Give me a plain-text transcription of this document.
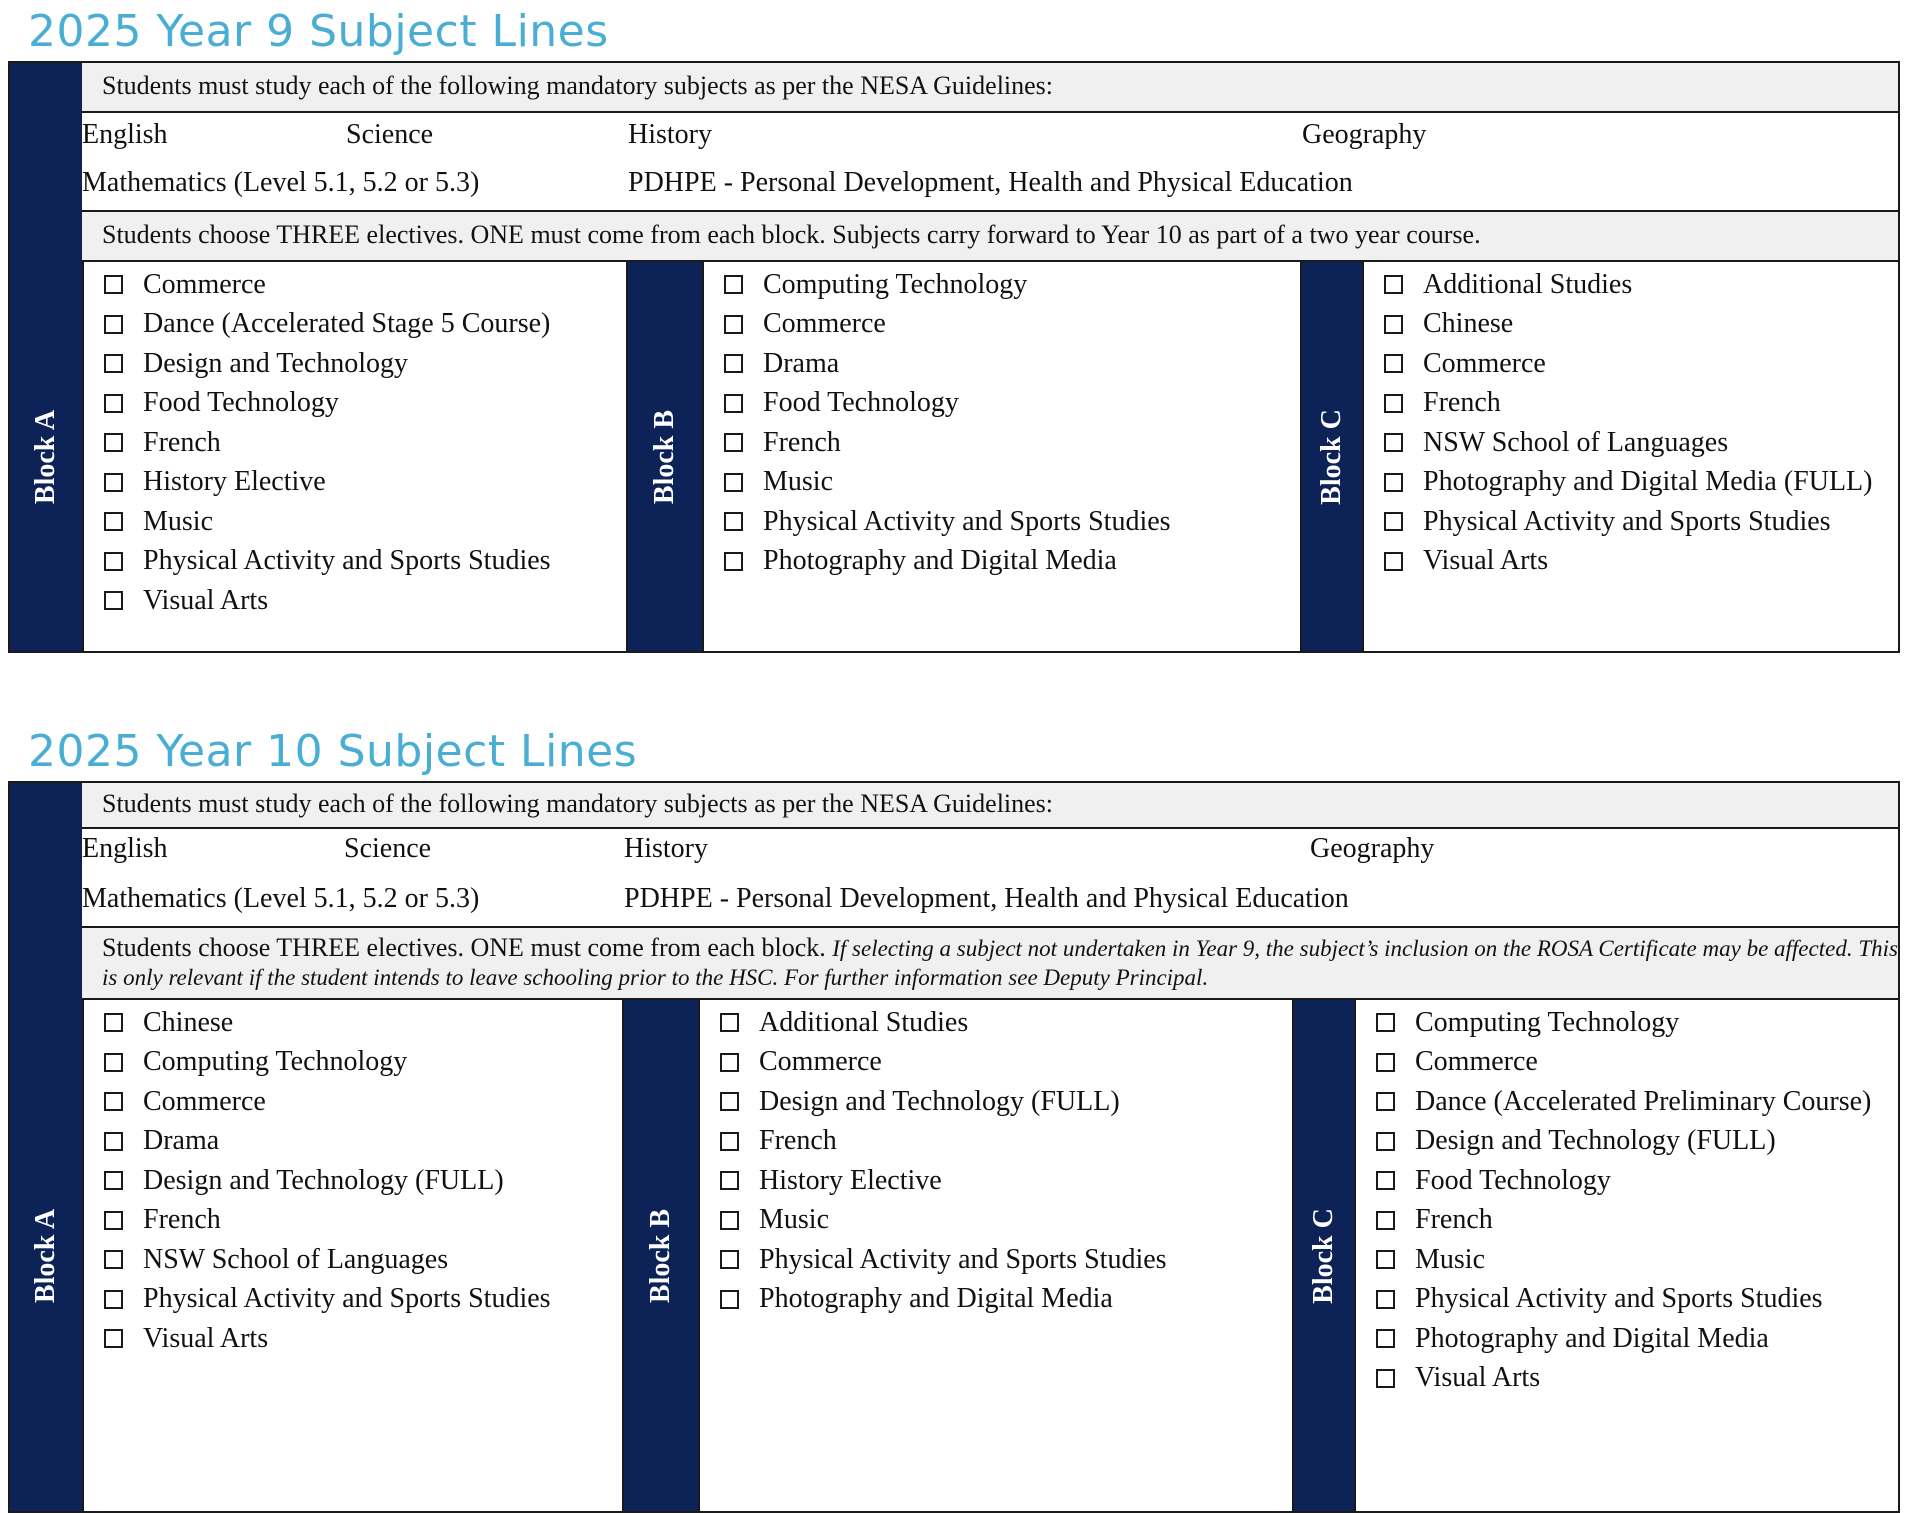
2025 Year 9 Subject Lines
Students must study each of the following mandatory subjects as per the NESA Guidelines:
English	Science	History	Geography
Mathematics (Level 5.1, 5.2 or 5.3)	PDHPE - Personal Development, Health and Physical Education
Students choose THREE electives. ONE must come from each block. Subjects carry forward to Year 10 as part of a two year course.
Block A
Commerce
Dance (Accelerated Stage 5 Course)
Design and Technology
Food Technology
French
History Elective
Music
Physical Activity and Sports Studies
Visual Arts
Block B
Computing Technology
Commerce
Drama
Food Technology
French
Music
Physical Activity and Sports Studies
Photography and Digital Media
Block C
Additional Studies
Chinese
Commerce
French
NSW School of Languages
Photography and Digital Media (FULL)
Physical Activity and Sports Studies
Visual Arts
2025 Year 10 Subject Lines
Students must study each of the following mandatory subjects as per the NESA Guidelines:
English	Science	History	Geography
Mathematics (Level 5.1, 5.2 or 5.3)	PDHPE - Personal Development, Health and Physical Education
Students choose THREE electives. ONE must come from each block. If selecting a subject not undertaken in Year 9, the subject’s inclusion on the ROSA Certificate may be affected. This is only relevant if the student intends to leave schooling prior to the HSC. For further information see Deputy Principal.
Block A
Chinese
Computing Technology
Commerce
Drama
Design and Technology (FULL)
French
NSW School of Languages
Physical Activity and Sports Studies
Visual Arts
Block B
Additional Studies
Commerce
Design and Technology (FULL)
French
History Elective
Music
Physical Activity and Sports Studies
Photography and Digital Media	Block C
Computing Technology
Commerce
Dance (Accelerated Preliminary Course)
Design and Technology (FULL)
Food Technology
French
Music
Physical Activity and Sports Studies
Photography and Digital Media
Visual Arts
